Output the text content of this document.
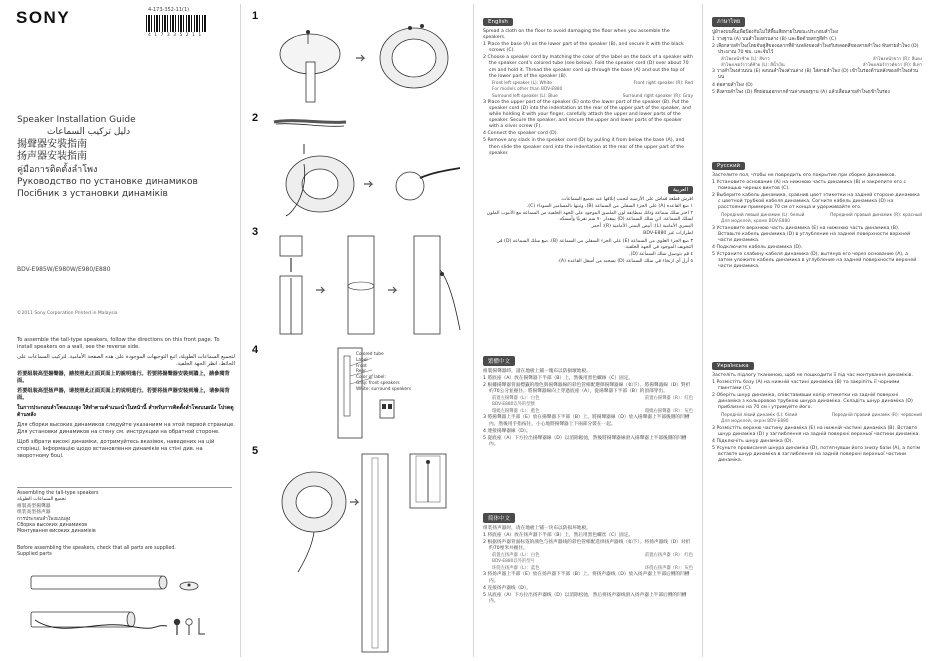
SONY	4-173-352-11(1)
4 1 7 3 3 5 2 1 1
Speaker Installation Guide
دليل تركيب السماعات
揚聲器安裝指南
扬声器安装指南
คู่มือการติดตั้งลำโพง
Руководство по установке динамиков
Посібник з установки динаміків
BDV-E985W/E980W/E980/E880
©2011 Sony Corporation Printed in Malaysia

To assemble the tall-type speakers, follow the directions on this front page. To install speakers on a wall, see the reverse side.

لتجميع السماعات الطويلة، اتبع التوجيهات الموجودة على هذه الصفحة الأمامية. لتركيب السماعات على الحائط، انظر الجهة الخلفية.

若要組裝高型揚聲器，請按照此正面頁面上的說明進行。若要將揚聲器安裝到牆上，請參閱背面。

若要组装高型扬声器，请按照此正面页面上的说明进行。若要将扬声器安装到墙上，请参阅背面。

ในการประกอบลำโพงแบบสูง ให้ทำตามคำแนะนำในหน้านี้ สำหรับการติดตั้งลำโพงบนผนัง โปรดดูด้านหลัง

Для сборки высоких динамиков следуйте указаниям на этой первой странице. Для установки динамиков на стену см. инструкции на обратной стороне.

Щоб зібрати високі динаміки, дотримуйтесь вказівок, наведених на цій сторінці. Інформацію щодо встановлення динаміків на стіні див. на зворотному боці.

Assembling the tall-type speakers
تجميع السماعات الطويلة
組裝高型揚聲器
组装高型扬声器
การประกอบลำโพงแบบสูง
Сборка высоких динамиков
Монтування високих динаміків
Before assembling the speakers, check that all parts are supplied.
Supplied parts
1
2
3
4	Colored tube
Label
Front
Rear
Color of label:
Gray: front speakers
White: surround speakers
5
English

Spread a cloth on the floor to avoid damaging the floor when you assemble the speakers.

1 Place the base (A) on the lower part of the speaker (B), and secure it with the black screws (C).

2 Choose a speaker cord by matching the color of the label on the back of a speaker with the speaker cord's colored tube (see below). Fold the speaker cord (D) over about 70 cm and hold it. Thread the speaker cord up through the base (A) and out the top of the lower part of the speaker (B).

Front left speaker (L): White	Front right speaker (R): Red

For models other than BDV-E880

Surround left speaker (L): Blue	Surround right speaker (R): Gray

3 Place the upper part of the speaker (E) onto the lower part of the speaker (B). Put the speaker cord (D) into the indentation at the rear of the upper part of the speaker, and while holding it with your finger, carefully attach the upper and lower parts of the speaker. Secure the speaker, and secure the upper and lower parts of the speaker with a silver screw (F).

4 Connect the speaker cord (D).

5 Remove any slack in the speaker cord (D) by pulling it from below the base (A), and then slide the speaker cord into the indentation at the rear of the upper part of the speaker.

العربية

افرش قطعة قماش على الأرضية لتجنب إتلافها عند تجميع السماعات.

١ ضع القاعدة (A) على الجزء السفلي من السماعة (B)، وثبتها بالمسامير السوداء (C).

٢ اختر سلك سماعة وذلك بمطابقة لون الملصق الموجود على الجهة الخلفية من السماعة مع الأنبوب الملون لسلك السماعة. اثنِ سلك السماعة (D) بمقدار ٧٠ سم تقريبًا وأمسكه.

اليسرى الأمامية (L): أبيض اليمنى الأمامية (R): أحمر

لطرازات غير BDV-E880

٣ ضع الجزء العلوي من السماعة (E) على الجزء السفلي من السماعة (B). ضع سلك السماعة (D) في التجويف الموجود في الجهة الخلفية.

٤ قم بتوصيل سلك السماعة (D).

٥ أزل أي ارتخاء في سلك السماعة (D) بسحبه من أسفل القاعدة (A).

繁體中文

組裝揚聲器時，請在地板上鋪一塊布以防損壞地板。

1 將底座（A）放在揚聲器下半部（B）上，然後用黑色螺絲（C）固定。

2 根據揚聲器背面標籤的顏色與揚聲器線的彩色管相配選擇揚聲器線（如下）。將揚聲器線（D）對折約70公分並握住。將揚聲器線向上穿過底座（A），從揚聲器下半部（B）的頂部穿出。

前置左揚聲器（L）：白色	前置右揚聲器（R）：紅色

BDV-E880以外的型號

環繞左揚聲器（L）：藍色	環繞右揚聲器（R）：灰色

3 將揚聲器上半部（E）放在揚聲器下半部（B）上。將揚聲器線（D）放入揚聲器上半部後側的凹槽內，然後用手指按住，小心地將揚聲器上下兩部分裝在一起。

4 連接揚聲器線（D）。

5 從底座（A）下方拉出揚聲器線（D）以消除鬆弛，然後將揚聲器線滑入揚聲器上半部後側的凹槽內。

简体中文

组装扬声器时，请在地板上铺一块布以防损坏地板。

1 将底座（A）放在扬声器下半部（B）上，然后用黑色螺丝（C）固定。

2 根据扬声器背面标签的颜色与扬声器线的彩色管相配选择扬声器线（如下）。将扬声器线（D）对折约70厘米并握住。

前置左扬声器（L）：白色	前置右扬声器（R）：红色

BDV-E880以外的型号

环绕左扬声器（L）：蓝色	环绕右扬声器（R）：灰色

3 将扬声器上半部（E）放在扬声器下半部（B）上。将扬声器线（D）放入扬声器上半部后侧的凹槽内。

4 连接扬声器线（D）。

5 从底座（A）下方拉出扬声器线（D）以消除松弛，然后将扬声器线滑入扬声器上半部后侧的凹槽内。

ภาษาไทย

ปูผ้าลงบนพื้นเพื่อป้องกันไม่ให้พื้นเสียหายในขณะประกอบลำโพง

1 วางฐาน (A) บนลำโพงส่วนล่าง (B) และยึดด้วยสกรูสีดำ (C)

2 เลือกสายลำโพงโดยจับคู่สีของฉลากที่ด้านหลังของลำโพงกับหลอดสีของสายลำโพง พับสายลำโพง (D) ประมาณ 70 ซม. และจับไว้

ลำโพงหน้าซ้าย (L): สีขาว	ลำโพงหน้าขวา (R): สีแดง
ลำโพงเซอร์ราวด์ซ้าย (L): สีน้ำเงิน	ลำโพงเซอร์ราวด์ขวา (R): สีเทา

3 วางลำโพงส่วนบน (E) ลงบนลำโพงส่วนล่าง (B) ใส่สายลำโพง (D) เข้าในร่องด้านหลังของลำโพงส่วนบน

4 ต่อสายลำโพง (D)

5 ดึงสายลำโพง (D) ที่หย่อนออกจากด้านล่างของฐาน (A) แล้วเลื่อนสายลำโพงเข้าในร่อง

Русский

Застелите пол, чтобы не повредить его покрытие при сборке динамиков.

1 Установите основание (A) на нижнюю часть динамика (B) и закрепите его с помощью черных винтов (C).

2 Выберите кабель динамика, сравнив цвет этикетки на задней стороне динамика с цветной трубкой кабеля динамика. Согните кабель динамика (D) на расстоянии примерно 70 см от конца и удерживайте его.

Передний левый динамик (L): белый	Передний правый динамик (R): красный

Для моделей, кроме BDV-E880

3 Установите верхнюю часть динамика (E) на нижнюю часть динамика (B). Вставьте кабель динамика (D) в углубление на задней поверхности верхней части динамика.

4 Подключите кабель динамика (D).

5 Устраните слабину кабеля динамика (D), вытянув его через основание (A), а затем уложите кабель динамика в углубление на задней поверхности верхней части динамика.

Українська

Застеліть підлогу тканиною, щоб не пошкодити її під час монтування динаміків.

1 Розмістіть базу (A) на нижній частині динаміка (B) та закріпіть її чорними гвинтами (C).

2 Оберіть шнур динаміка, співставивши колір етикетки на задній поверхні динаміка з кольоровою трубкою шнура динаміка. Складіть шнур динаміка (D) приблизно на 70 см і утримуйте його.

Передній лівий динамік (L): білий	Передній правий динамік (R): червоний

Для моделей, окрім BDV-E880

3 Розмістіть верхню частину динаміка (E) на нижній частині динаміка (B). Вставте шнур динаміка (D) у заглиблення на задній поверхні верхньої частини динаміка.

4 Підключіть шнур динаміка (D).

5 Усуньте провисання шнура динаміка (D), потягнувши його знизу бази (A), а потім вставте шнур динаміка в заглиблення на задній поверхні верхньої частини динаміка.
